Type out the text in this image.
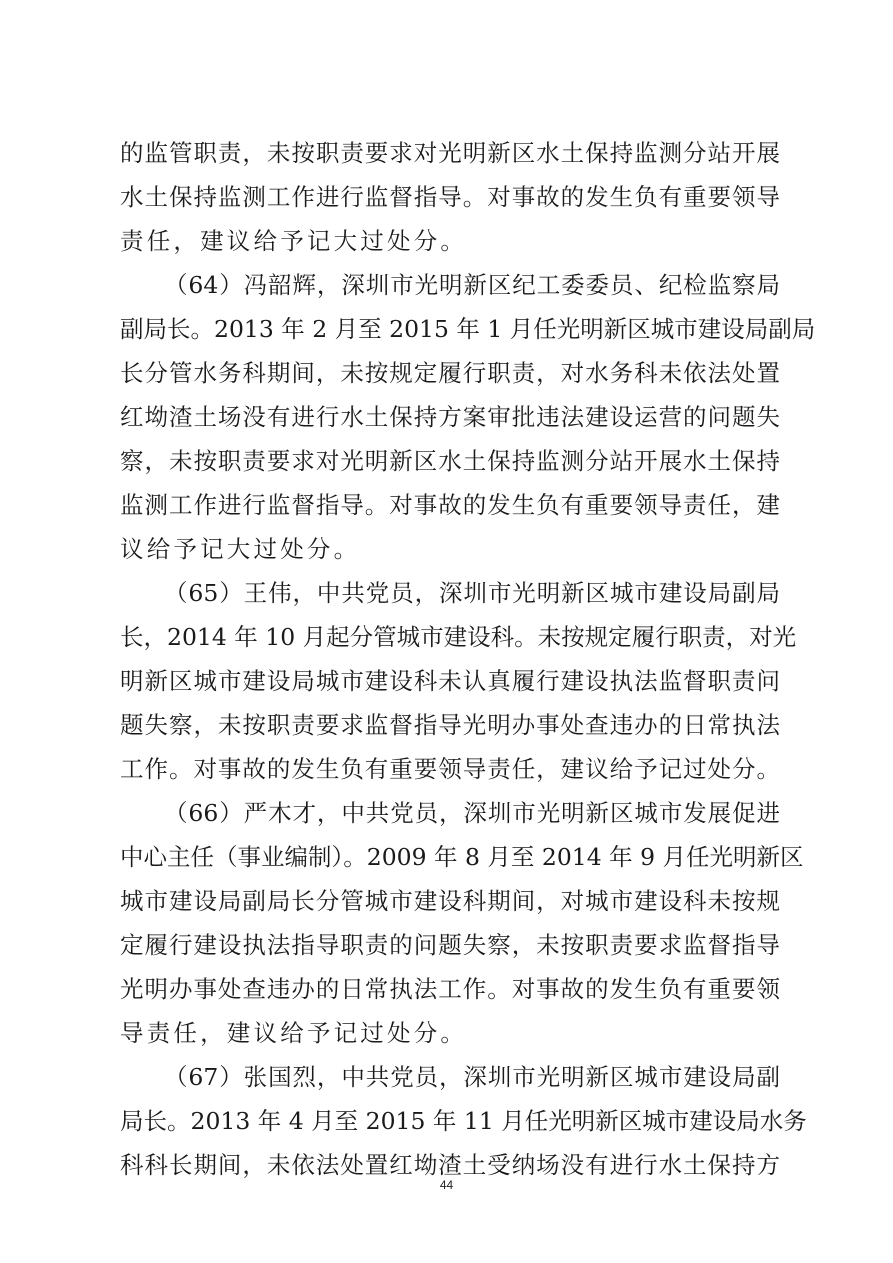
的监管职责，未按职责要求对光明新区水土保持监测分站开展
水土保持监测工作进行监督指导。对事故的发生负有重要领导
责任，建议给予记大过处分。
（64）冯韶辉，深圳市光明新区纪工委委员、纪检监察局
副局长。2013 年 2 月至 2015 年 1 月任光明新区城市建设局副局
长分管水务科期间，未按规定履行职责，对水务科未依法处置
红坳渣土场没有进行水土保持方案审批违法建设运营的问题失
察，未按职责要求对光明新区水土保持监测分站开展水土保持
监测工作进行监督指导。对事故的发生负有重要领导责任，建
议给予记大过处分。
（65）王伟，中共党员，深圳市光明新区城市建设局副局
长，2014 年 10 月起分管城市建设科。未按规定履行职责，对光
明新区城市建设局城市建设科未认真履行建设执法监督职责问
题失察，未按职责要求监督指导光明办事处查违办的日常执法
工作。对事故的发生负有重要领导责任，建议给予记过处分。
（66）严木才，中共党员，深圳市光明新区城市发展促进
中心主任（事业编制）。2009 年 8 月至 2014 年 9 月任光明新区
城市建设局副局长分管城市建设科期间，对城市建设科未按规
定履行建设执法指导职责的问题失察，未按职责要求监督指导
光明办事处查违办的日常执法工作。对事故的发生负有重要领
导责任，建议给予记过处分。
（67）张国烈，中共党员，深圳市光明新区城市建设局副
局长。2013 年 4 月至 2015 年 11 月任光明新区城市建设局水务
科科长期间，未依法处置红坳渣土受纳场没有进行水土保持方
44
